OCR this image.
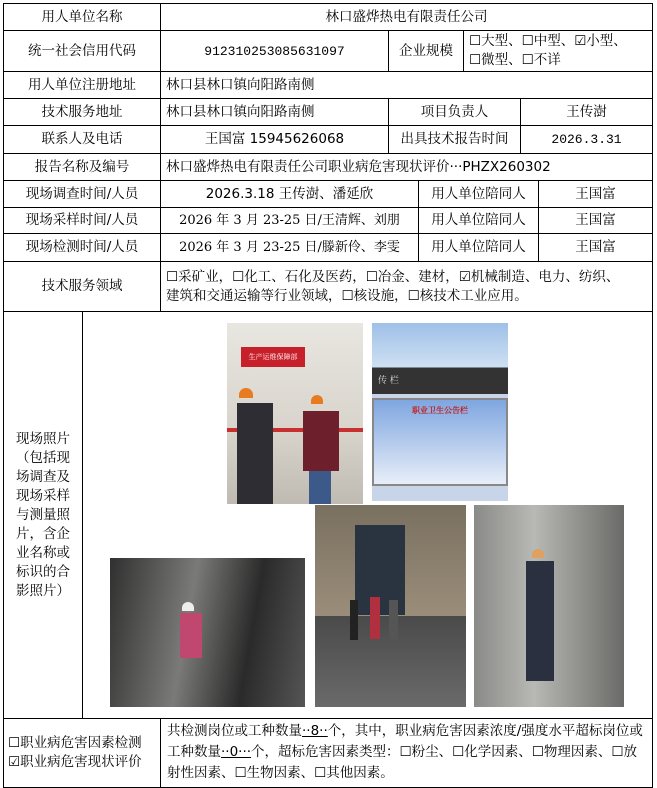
用人单位名称	林口盛烨热电有限责任公司
统一社会信用代码	912310253085631097	企业规模
☐大型、☐中型、☑小型、
☐微型、☐不详
用人单位注册地址	林口县林口镇向阳路南侧
技术服务地址	林口县林口镇向阳路南侧	项目负责人	王传澍
联系人及电话	王国富 15945626068	出具技术报告时间	2026.3.31
报告名称及编号	林口盛烨热电有限责任公司职业病危害现状评价···PHZX260302
现场调查时间/人员	2026.3.18 王传澍、潘延欣	用人单位陪同人	王国富
现场采样时间/人员	2026 年 3 月 23-25 日/王清辉、刘朋	用人单位陪同人	王国富
现场检测时间/人员	2026 年 3 月 23-25 日/滕新伶、李雯	用人单位陪同人	王国富
技术服务领域
☐采矿业，☐化工、石化及医药，☐冶金、建材，☑机械制造、电力、纺织、
建筑和交通运输等行业领域，☐核设施，☐核技术工业应用。
现场照片（包括现场调查及现场采样与测量照片，含企业名称或标识的合影照片）
生产运维保障部
传 栏
职业卫生公告栏
☐职业病危害因素检测
☑职业病危害现状评价
共检测岗位或工种数量··8··个，其中，职业病危害因素浓度/强度水平超标岗位或工种数量··0···个，超标危害因素类型：☐粉尘、☐化学因素、☐物理因素、☐放射性因素、☐生物因素、☐其他因素。
